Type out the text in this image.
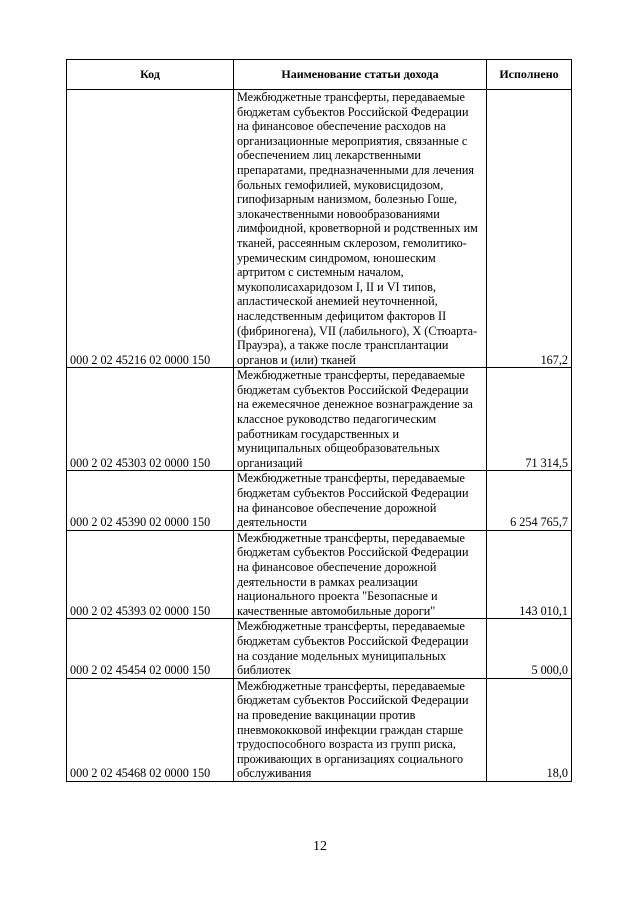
Код	Наименование статьи дохода	Исполнено
000 2 02 45216 02 0000 150	Межбюджетные трансферты, передаваемые бюджетам субъектов Российской Федерации на финансовое обеспечение расходов на организационные мероприятия, связанные с обеспечением лиц лекарственными препаратами, предназначенными для лечения больных гемофилией, муковисцидозом, гипофизарным нанизмом, болезнью Гоше, злокачественными новообразованиями лимфоидной, кроветворной и родственных им тканей, рассеянным склерозом, гемолитико-уремическим синдромом, юношеским артритом с системным началом, мукополисахаридозом I, II и VI типов, апластической анемией неуточненной, наследственным дефицитом факторов II (фибриногена), VII (лабильного), X (Стюарта-Прауэра), а также после трансплантации органов и (или) тканей	167,2
000 2 02 45303 02 0000 150	Межбюджетные трансферты, передаваемые бюджетам субъектов Российской Федерации на ежемесячное денежное вознаграждение за классное руководство педагогическим работникам государственных и муниципальных общеобразовательных организаций	71 314,5
000 2 02 45390 02 0000 150	Межбюджетные трансферты, передаваемые бюджетам субъектов Российской Федерации на финансовое обеспечение дорожной деятельности	6 254 765,7
000 2 02 45393 02 0000 150	Межбюджетные трансферты, передаваемые бюджетам субъектов Российской Федерации на финансовое обеспечение дорожной деятельности в рамках реализации национального проекта "Безопасные и качественные автомобильные дороги"	143 010,1
000 2 02 45454 02 0000 150	Межбюджетные трансферты, передаваемые бюджетам субъектов Российской Федерации на создание модельных муниципальных библиотек	5 000,0
000 2 02 45468 02 0000 150	Межбюджетные трансферты, передаваемые бюджетам субъектов Российской Федерации на проведение вакцинации против пневмококковой инфекции граждан старше трудоспособного возраста из групп риска, проживающих в организациях социального обслуживания	18,0
12
